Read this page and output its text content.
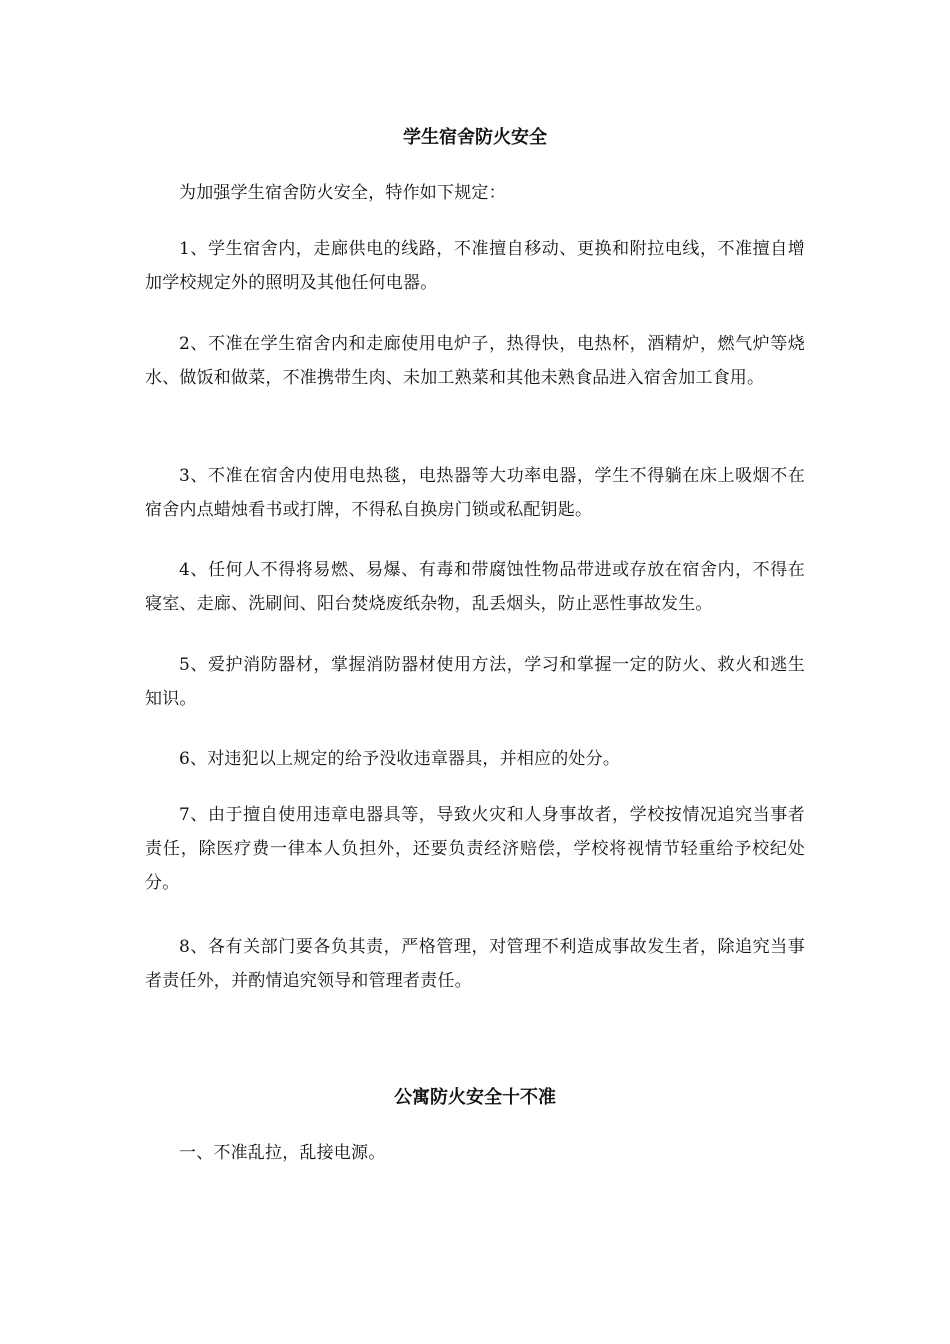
学生宿舍防火安全

为加强学生宿舍防火安全，特作如下规定：

1、学生宿舍内，走廊供电的线路，不准擅自移动、更换和附拉电线，不准擅自增加学校规定外的照明及其他任何电器。

2、不准在学生宿舍内和走廊使用电炉子，热得快，电热杯，酒精炉，燃气炉等烧水、做饭和做菜，不准携带生肉、未加工熟菜和其他未熟食品进入宿舍加工食用。

3、不准在宿舍内使用电热毯，电热器等大功率电器，学生不得躺在床上吸烟不在宿舍内点蜡烛看书或打牌，不得私自换房门锁或私配钥匙。

4、任何人不得将易燃、易爆、有毒和带腐蚀性物品带进或存放在宿舍内，不得在寝室、走廊、洗刷间、阳台焚烧废纸杂物，乱丢烟头，防止恶性事故发生。

5、爱护消防器材，掌握消防器材使用方法，学习和掌握一定的防火、救火和逃生知识。

6、对违犯以上规定的给予没收违章器具，并相应的处分。

7、由于擅自使用违章电器具等，导致火灾和人身事故者，学校按情况追究当事者责任，除医疗费一律本人负担外，还要负责经济赔偿，学校将视情节轻重给予校纪处分。

8、各有关部门要各负其责，严格管理，对管理不利造成事故发生者，除追究当事者责任外，并酌情追究领导和管理者责任。

公寓防火安全十不准

一、不准乱拉，乱接电源。
